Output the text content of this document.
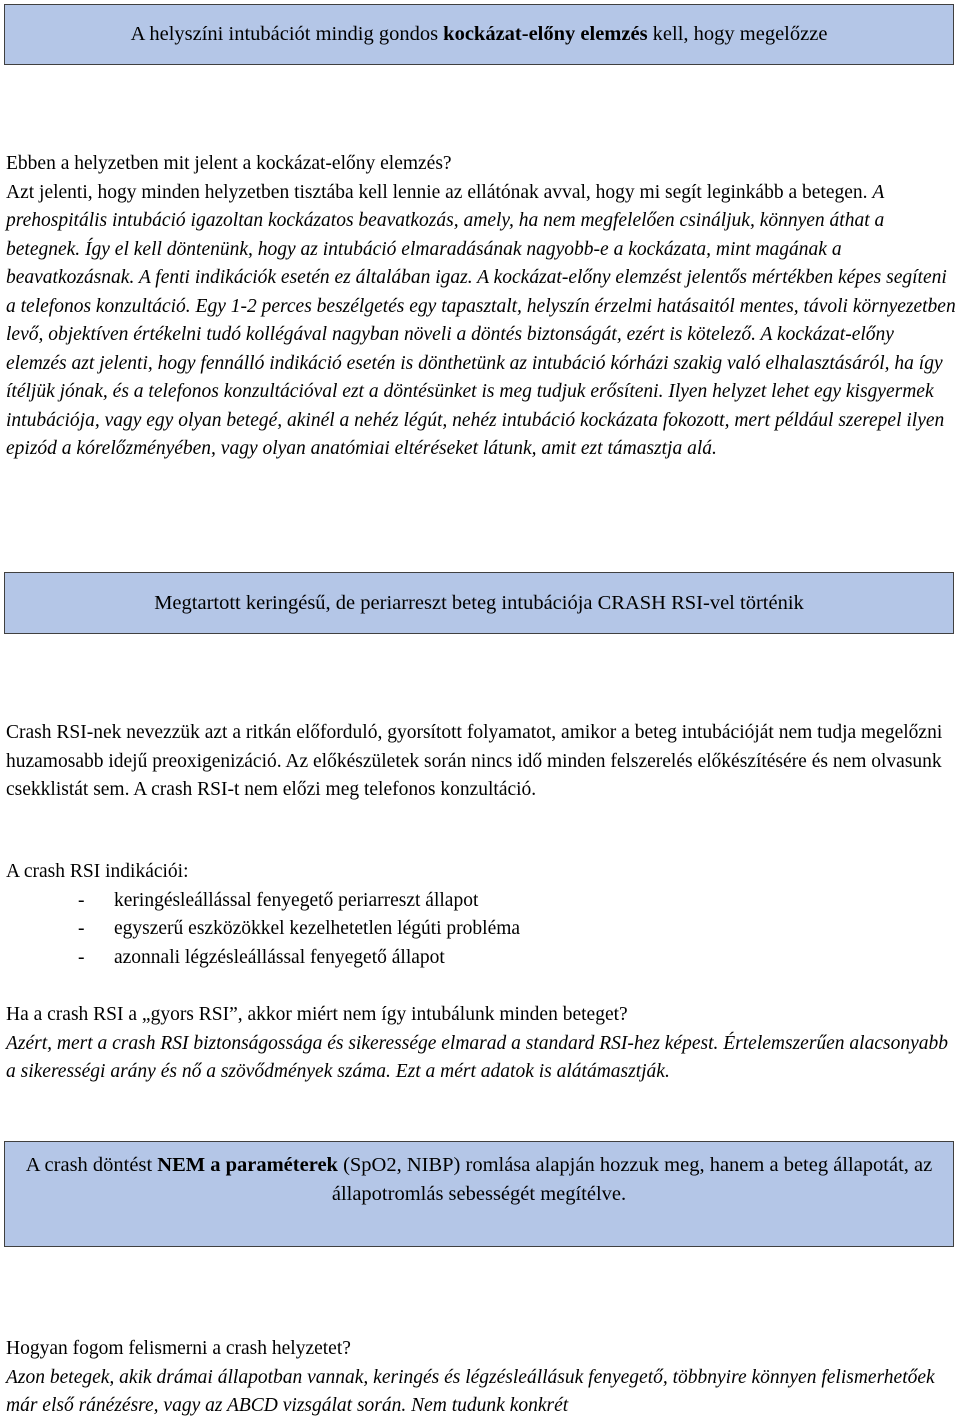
A helyszíni intubációt mindig gondos kockázat-előny elemzés kell, hogy megelőzze

Ebben a helyzetben mit jelent a kockázat-előny elemzés?

Azt jelenti, hogy minden helyzetben tisztába kell lennie az ellátónak avval, hogy mi segít leginkább a betegen. A prehospitális intubáció igazoltan kockázatos beavatkozás, amely, ha nem megfelelően csináljuk, könnyen áthat a betegnek. Így el kell döntenünk, hogy az intubáció elmaradásának nagyobb-e a kockázata, mint magának a beavatkozásnak. A fenti indikációk esetén ez általában igaz. A kockázat-előny elemzést jelentős mértékben képes segíteni a telefonos konzultáció. Egy 1-2 perces beszélgetés egy tapasztalt, helyszín érzelmi hatásaitól mentes, távoli környezetben levő, objektíven értékelni tudó kollégával nagyban növeli a döntés biztonságát, ezért is kötelező. A kockázat-előny elemzés azt jelenti, hogy fennálló indikáció esetén is dönthetünk az intubáció kórházi szakig való elhalasztásáról, ha így ítéljük jónak, és a telefonos konzultációval ezt a döntésünket is meg tudjuk erősíteni. Ilyen helyzet lehet egy kisgyermek intubációja, vagy egy olyan betegé, akinél a nehéz légút, nehéz intubáció kockázata fokozott, mert például szerepel ilyen epizód a kórelőzményében, vagy olyan anatómiai eltéréseket látunk, amit ezt támasztja alá.

Megtartott keringésű, de periarreszt beteg intubációja CRASH RSI-vel történik

Crash RSI-nek nevezzük azt a ritkán előforduló, gyorsított folyamatot, amikor a beteg intubációját nem tudja megelőzni huzamosabb idejű preoxigenizáció. Az előkészületek során nincs idő minden felszerelés előkészítésére és nem olvasunk csekklistát sem. A crash RSI-t nem előzi meg telefonos konzultáció.

A crash RSI indikációi:

- keringésleállással fenyegető periarreszt állapot
- egyszerű eszközökkel kezelhetetlen légúti probléma
- azonnali légzésleállással fenyegető állapot

Ha a crash RSI a „gyors RSI”, akkor miért nem így intubálunk minden beteget?

Azért, mert a crash RSI biztonságossága és sikeressége elmarad a standard RSI-hez képest. Értelemszerűen alacsonyabb a sikerességi arány és nő a szövődmények száma. Ezt a mért adatok is alátámasztják.

A crash döntést NEM a paraméterek (SpO2, NIBP) romlása alapján hozzuk meg, hanem a beteg állapotát, az állapotromlás sebességét megítélve.

Hogyan fogom felismerni a crash helyzetet?

Azon betegek, akik drámai állapotban vannak, keringés és légzésleállásuk fenyegető, többnyire könnyen felismerhetőek már első ránézésre, vagy az ABCD vizsgálat során. Nem tudunk konkrét
